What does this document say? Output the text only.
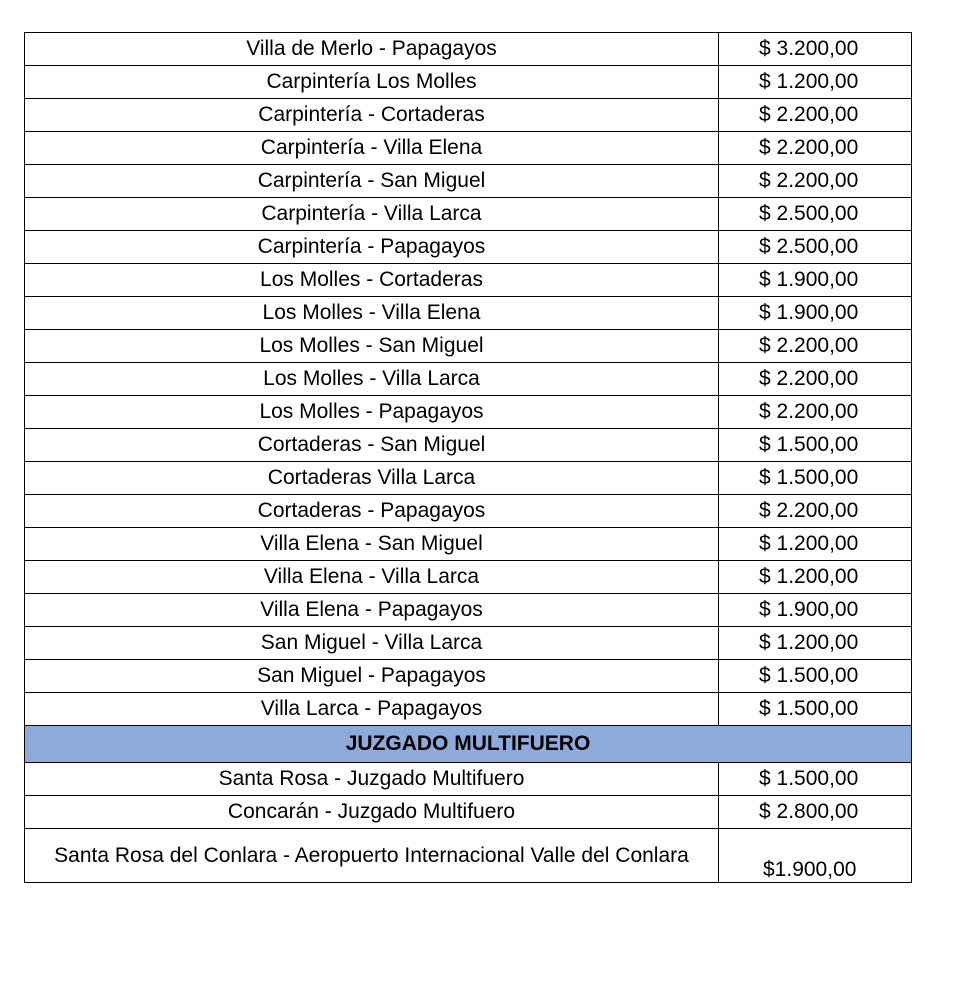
Villa de Merlo - Papagayos	$ 3.200,00
Carpintería Los Molles	$ 1.200,00
Carpintería - Cortaderas	$ 2.200,00
Carpintería - Villa Elena	$ 2.200,00
Carpintería - San Miguel	$ 2.200,00
Carpintería - Villa Larca	$ 2.500,00
Carpintería - Papagayos	$ 2.500,00
Los Molles - Cortaderas	$ 1.900,00
Los Molles - Villa Elena	$ 1.900,00
Los Molles - San Miguel	$ 2.200,00
Los Molles - Villa Larca	$ 2.200,00
Los Molles - Papagayos	$ 2.200,00
Cortaderas - San Miguel	$ 1.500,00
Cortaderas Villa Larca	$ 1.500,00
Cortaderas - Papagayos	$ 2.200,00
Villa Elena - San Miguel	$ 1.200,00
Villa Elena - Villa Larca	$ 1.200,00
Villa Elena - Papagayos	$ 1.900,00
San Miguel - Villa Larca	$ 1.200,00
San Miguel - Papagayos	$ 1.500,00
Villa Larca - Papagayos	$ 1.500,00
JUZGADO MULTIFUERO	
Santa Rosa - Juzgado Multifuero	$ 1.500,00
Concarán - Juzgado Multifuero	$ 2.800,00
Santa Rosa del Conlara - Aeropuerto Internacional Valle del Conlara	$1.900,00
